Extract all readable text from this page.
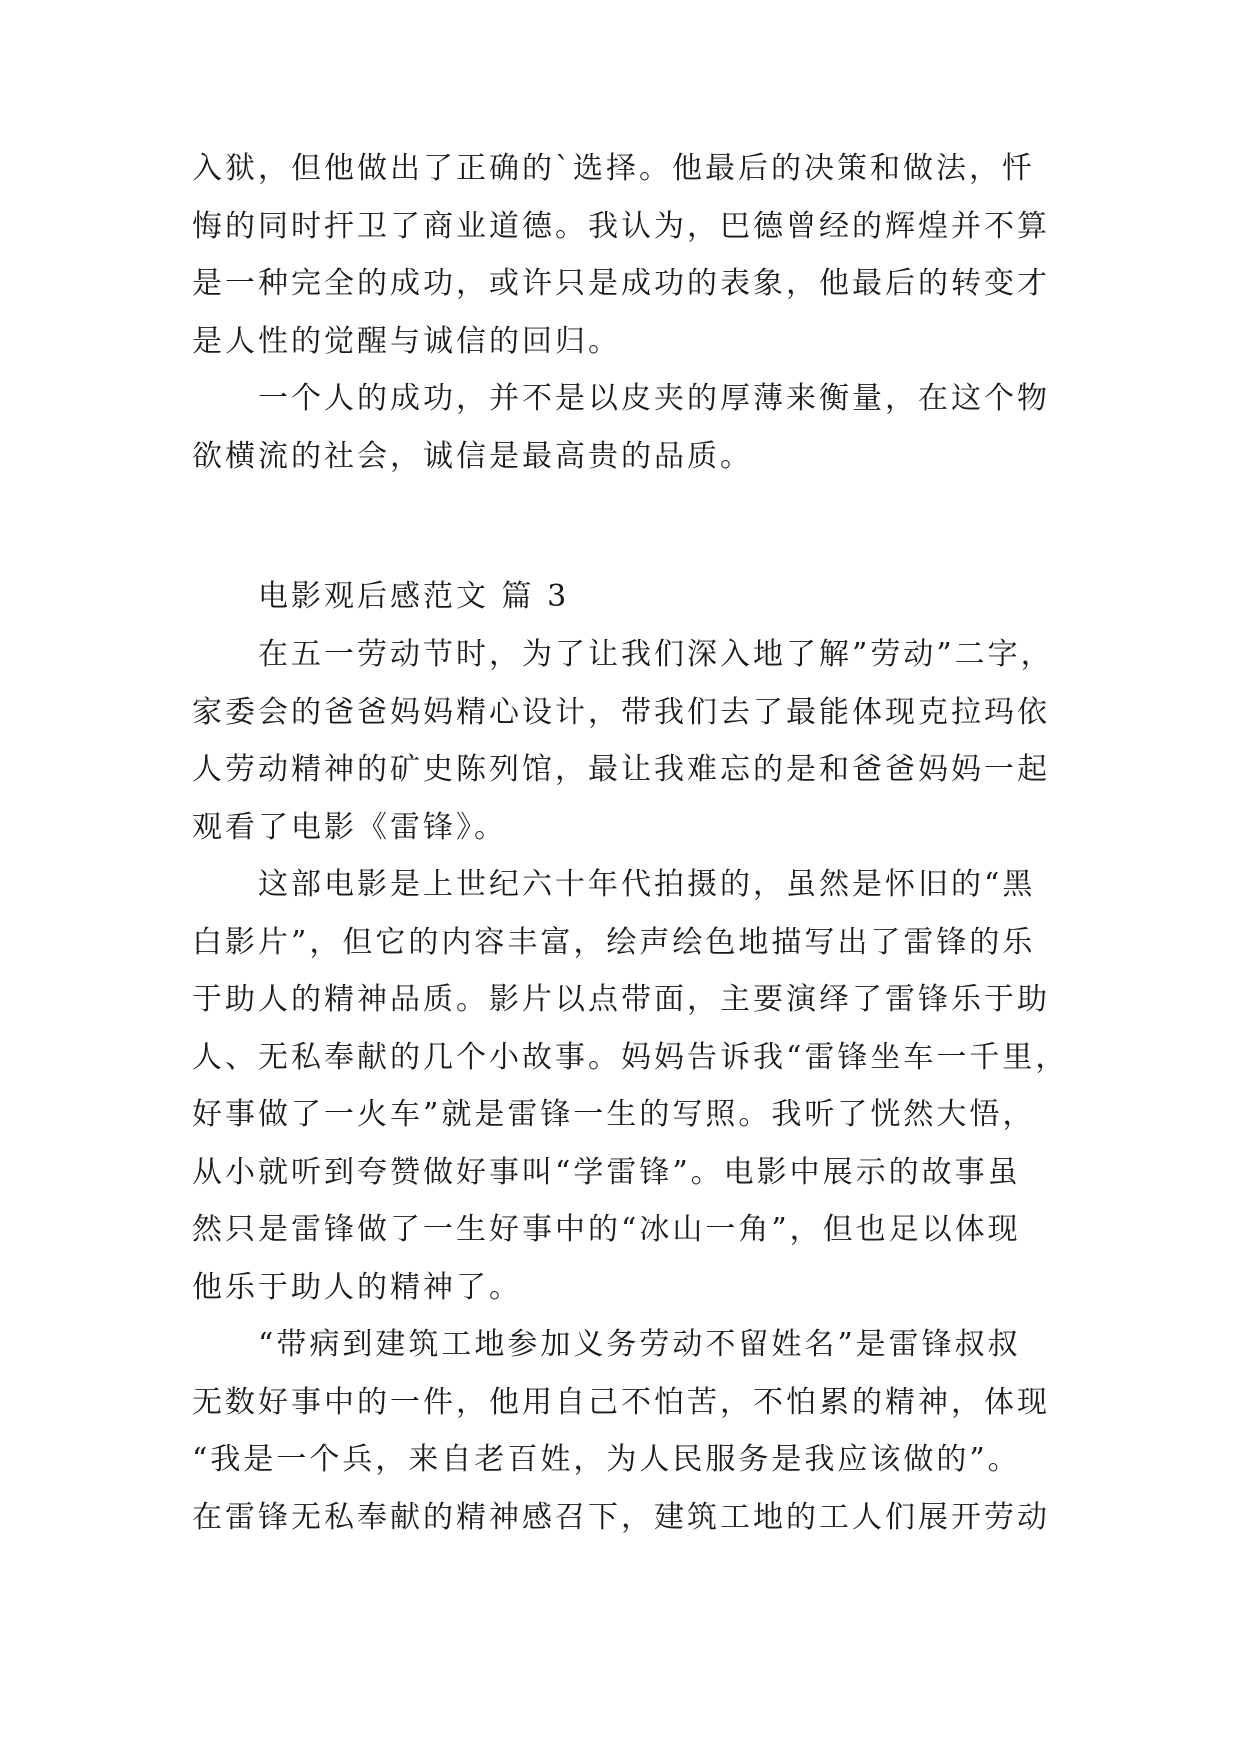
入狱，但他做出了正确的`选择。他最后的决策和做法，忏
悔的同时扞卫了商业道德。我认为，巴德曾经的辉煌并不算
是一种完全的成功，或许只是成功的表象，他最后的转变才
是人性的觉醒与诚信的回归。
一个人的成功，并不是以皮夹的厚薄来衡量，在这个物
欲横流的社会，诚信是最高贵的品质。
电影观后感范文 篇 3
在五一劳动节时，为了让我们深入地了解”劳动”二字，
家委会的爸爸妈妈精心设计，带我们去了最能体现克拉玛依
人劳动精神的矿史陈列馆，最让我难忘的是和爸爸妈妈一起
观看了电影《雷锋》。
这部电影是上世纪六十年代拍摄的，虽然是怀旧的“黑
白影片”，但它的内容丰富，绘声绘色地描写出了雷锋的乐
于助人的精神品质。影片以点带面，主要演绎了雷锋乐于助
人、无私奉献的几个小故事。妈妈告诉我“雷锋坐车一千里，
好事做了一火车”就是雷锋一生的写照。我听了恍然大悟，
从小就听到夸赞做好事叫“学雷锋”。电影中展示的故事虽
然只是雷锋做了一生好事中的“冰山一角”，但也足以体现
他乐于助人的精神了。
“带病到建筑工地参加义务劳动不留姓名”是雷锋叔叔
无数好事中的一件，他用自己不怕苦，不怕累的精神，体现
“我是一个兵，来自老百姓，为人民服务是我应该做的”。
在雷锋无私奉献的精神感召下，建筑工地的工人们展开劳动
